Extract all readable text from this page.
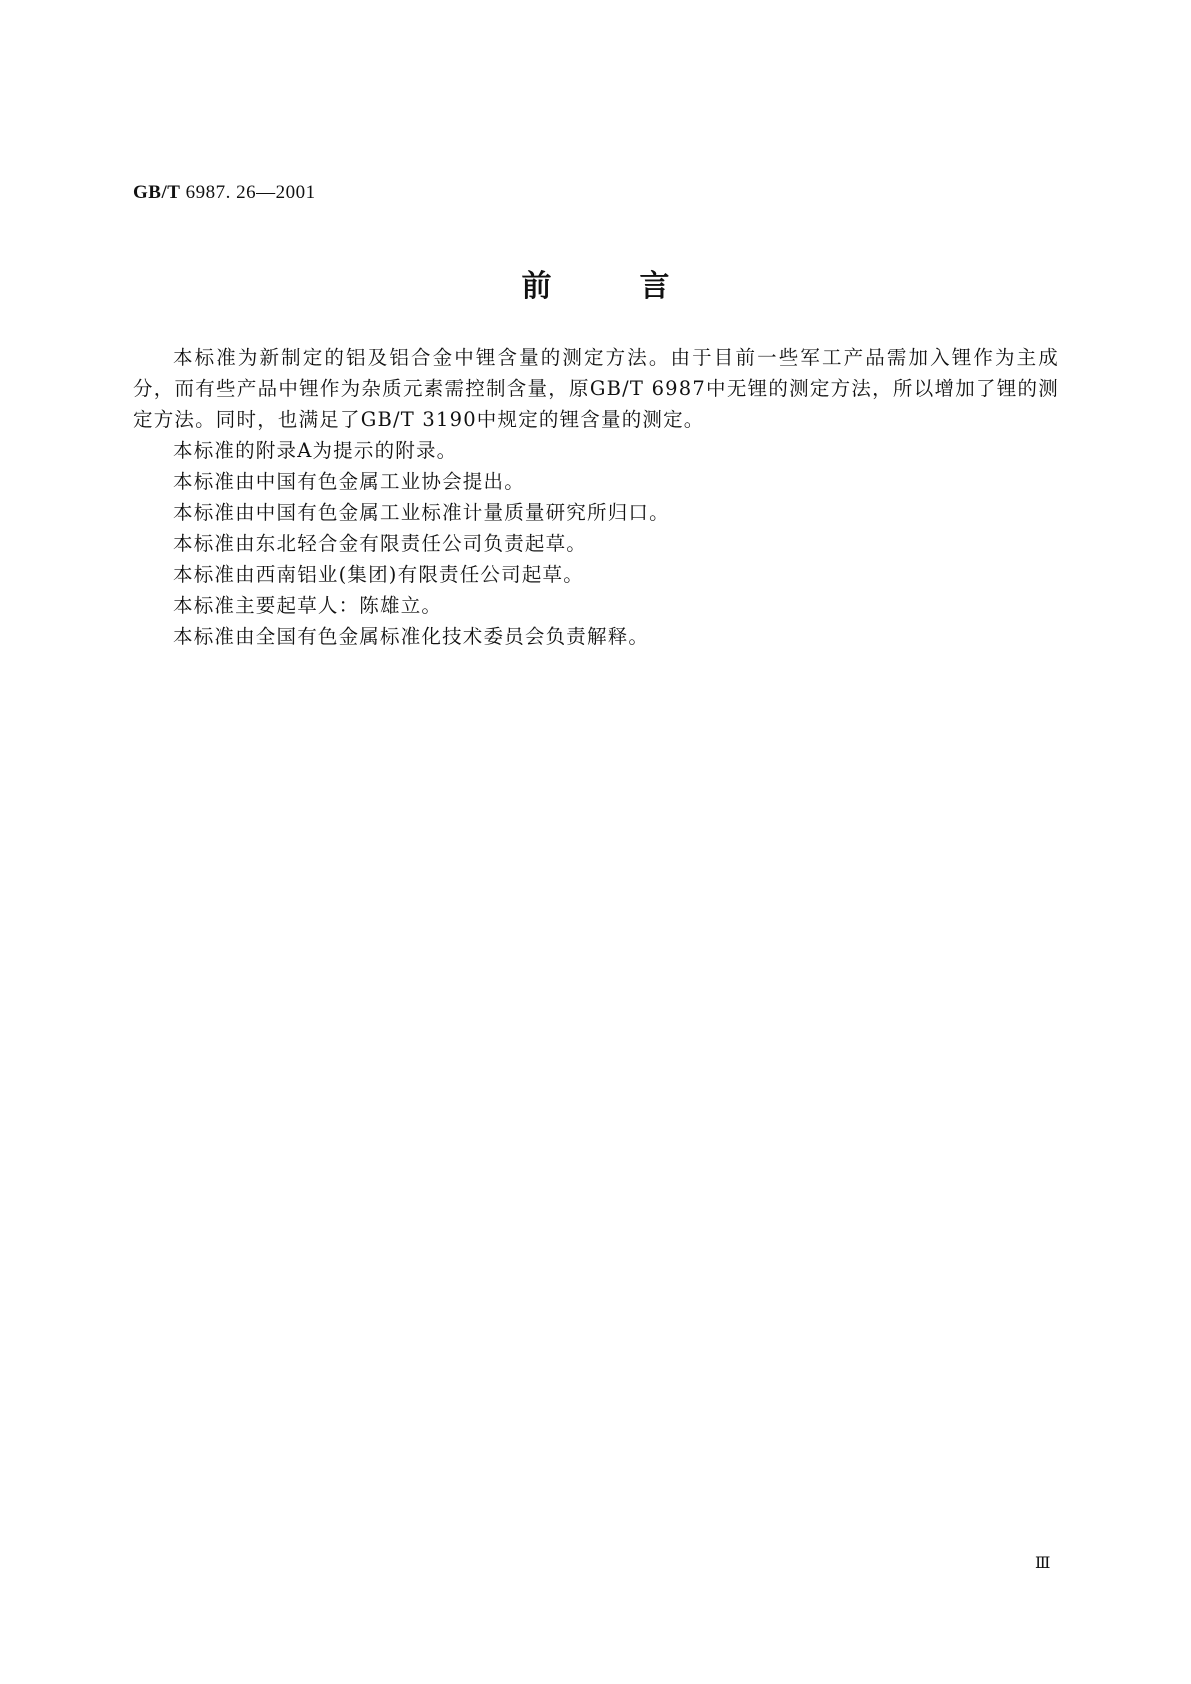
GB/T 6987. 26—2001
前言

本标准为新制定的铝及铝合金中锂含量的测定方法。由于目前一些军工产品需加入锂作为主成分，而有些产品中锂作为杂质元素需控制含量，原GB/T 6987中无锂的测定方法，所以增加了锂的测定方法。同时，也满足了GB/T 3190中规定的锂含量的测定。

本标准的附录A为提示的附录。

本标准由中国有色金属工业协会提出。

本标准由中国有色金属工业标准计量质量研究所归口。

本标准由东北轻合金有限责任公司负责起草。

本标准由西南铝业(集团)有限责任公司起草。

本标准主要起草人：陈雄立。

本标准由全国有色金属标准化技术委员会负责解释。

Ⅲ
